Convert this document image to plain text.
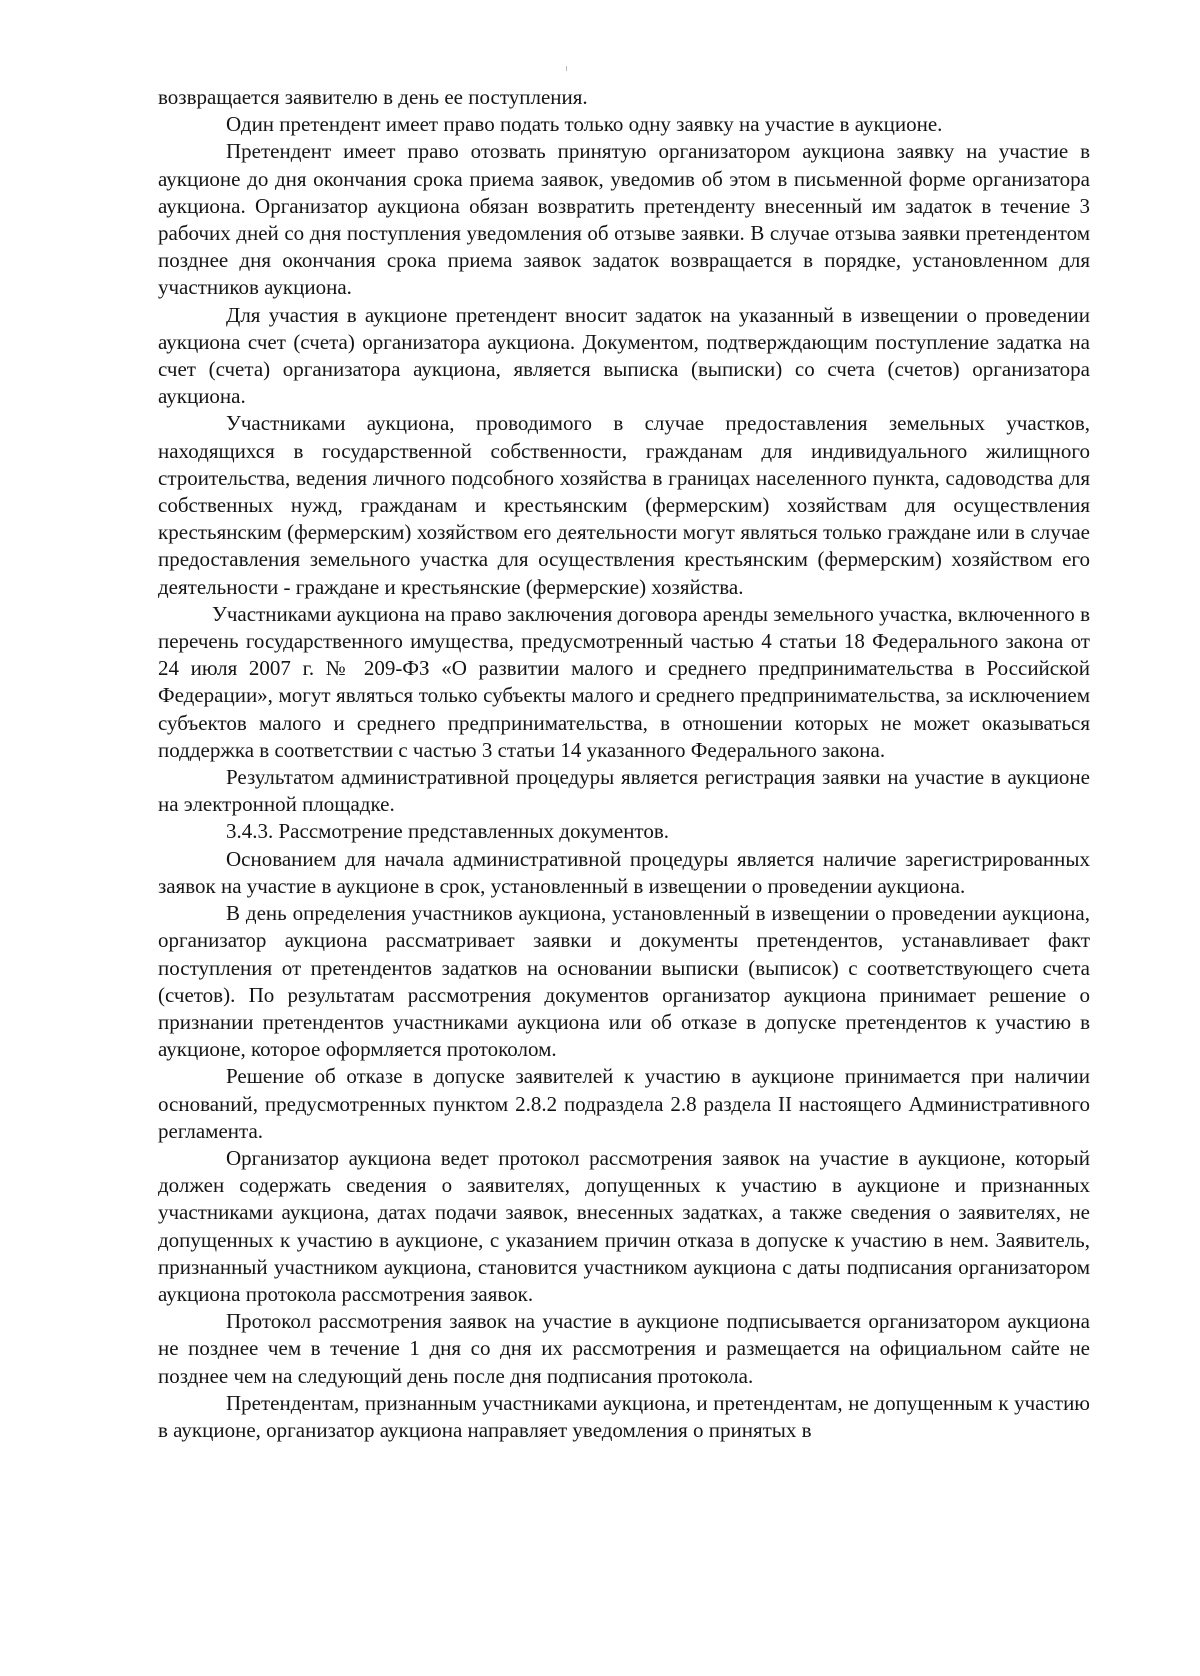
возвращается заявителю в день ее поступления.

Один претендент имеет право подать только одну заявку на участие в аукционе.

Претендент имеет право отозвать принятую организатором аукциона заявку на участие в аукционе до дня окончания срока приема заявок, уведомив об этом в письменной форме организатора аукциона. Организатор аукциона обязан возвратить претенденту внесенный им задаток в течение 3 рабочих дней со дня поступления уведомления об отзыве заявки. В случае отзыва заявки претендентом позднее дня окончания срока приема заявок задаток возвращается в порядке, установленном для участников аукциона.

Для участия в аукционе претендент вносит задаток на указанный в извещении о проведении аукциона счет (счета) организатора аукциона. Документом, подтверждающим поступление задатка на счет (счета) организатора аукциона, является выписка (выписки) со счета (счетов) организатора аукциона.

Участниками аукциона, проводимого в случае предоставления земельных участков, находящихся в государственной собственности, гражданам для индивидуального жилищного строительства, ведения личного подсобного хозяйства в границах населенного пункта, садоводства для собственных нужд, гражданам и крестьянским (фермерским) хозяйствам для осуществления крестьянским (фермерским) хозяйством его деятельности могут являться только граждане или в случае предоставления земельного участка для осуществления крестьянским (фермерским) хозяйством его деятельности - граждане и крестьянские (фермерские) хозяйства.

Участниками аукциона на право заключения договора аренды земельного участка, включенного в перечень государственного имущества, предусмотренный частью 4 статьи 18 Федерального закона от 24 июля 2007 г. № 209-ФЗ «О развитии малого и среднего предпринимательства в Российской Федерации», могут являться только субъекты малого и среднего предпринимательства, за исключением субъектов малого и среднего предпринимательства, в отношении которых не может оказываться поддержка в соответствии с частью 3 статьи 14 указанного Федерального закона.

Результатом административной процедуры является регистрация заявки на участие в аукционе на электронной площадке.

3.4.3. Рассмотрение представленных документов.

Основанием для начала административной процедуры является наличие зарегистрированных заявок на участие в аукционе в срок, установленный в извещении о проведении аукциона.

В день определения участников аукциона, установленный в извещении о проведении аукциона, организатор аукциона рассматривает заявки и документы претендентов, устанавливает факт поступления от претендентов задатков на основании выписки (выписок) с соответствующего счета (счетов). По результатам рассмотрения документов организатор аукциона принимает решение о признании претендентов участниками аукциона или об отказе в допуске претендентов к участию в аукционе, которое оформляется протоколом.

Решение об отказе в допуске заявителей к участию в аукционе принимается при наличии оснований, предусмотренных пунктом 2.8.2 подраздела 2.8 раздела II настоящего Административного регламента.

Организатор аукциона ведет протокол рассмотрения заявок на участие в аукционе, который должен содержать сведения о заявителях, допущенных к участию в аукционе и признанных участниками аукциона, датах подачи заявок, внесенных задатках, а также сведения о заявителях, не допущенных к участию в аукционе, с указанием причин отказа в допуске к участию в нем. Заявитель, признанный участником аукциона, становится участником аукциона с даты подписания организатором аукциона протокола рассмотрения заявок.

Протокол рассмотрения заявок на участие в аукционе подписывается организатором аукциона не позднее чем в течение 1 дня со дня их рассмотрения и размещается на официальном сайте не позднее чем на следующий день после дня подписания протокола.

Претендентам, признанным участниками аукциона, и претендентам, не допущенным к участию в аукционе, организатор аукциона направляет уведомления о принятых в
